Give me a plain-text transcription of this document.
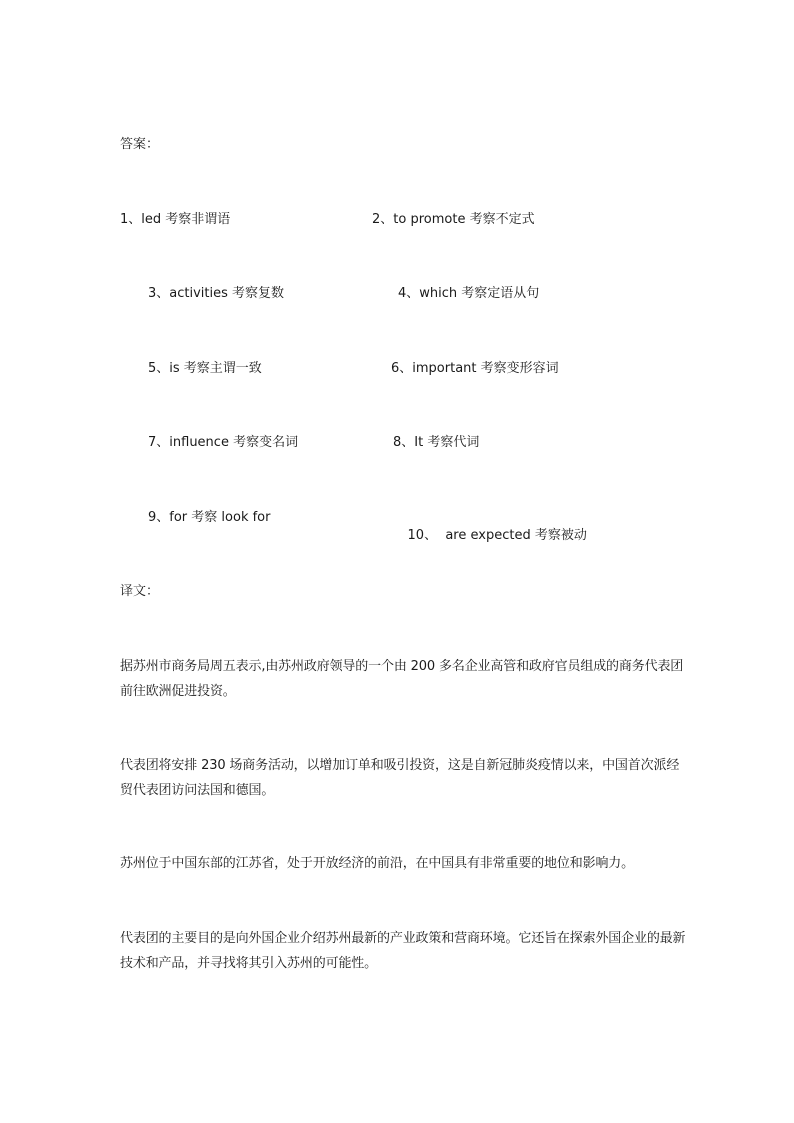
答案：
1、led 考察非谓语	2、to promote 考察不定式
3、activities 考察复数	4、which 考察定语从句
5、is 考察主谓一致	6、important 考察变形容词
7、influence 考察变名词	8、It 考察代词
9、for 考察 look for

10、  are expected 考察被动

译文：
据苏州市商务局周五表示,由苏州政府领导的一个由 200 多名企业高管和政府官员组成的商务代表团前往欧洲促进投资。
代表团将安排 230 场商务活动，以增加订单和吸引投资，这是自新冠肺炎疫情以来，中国首次派经贸代表团访问法国和德国。
苏州位于中国东部的江苏省，处于开放经济的前沿，在中国具有非常重要的地位和影响力。
代表团的主要目的是向外国企业介绍苏州最新的产业政策和营商环境。它还旨在探索外国企业的最新技术和产品，并寻找将其引入苏州的可能性。
